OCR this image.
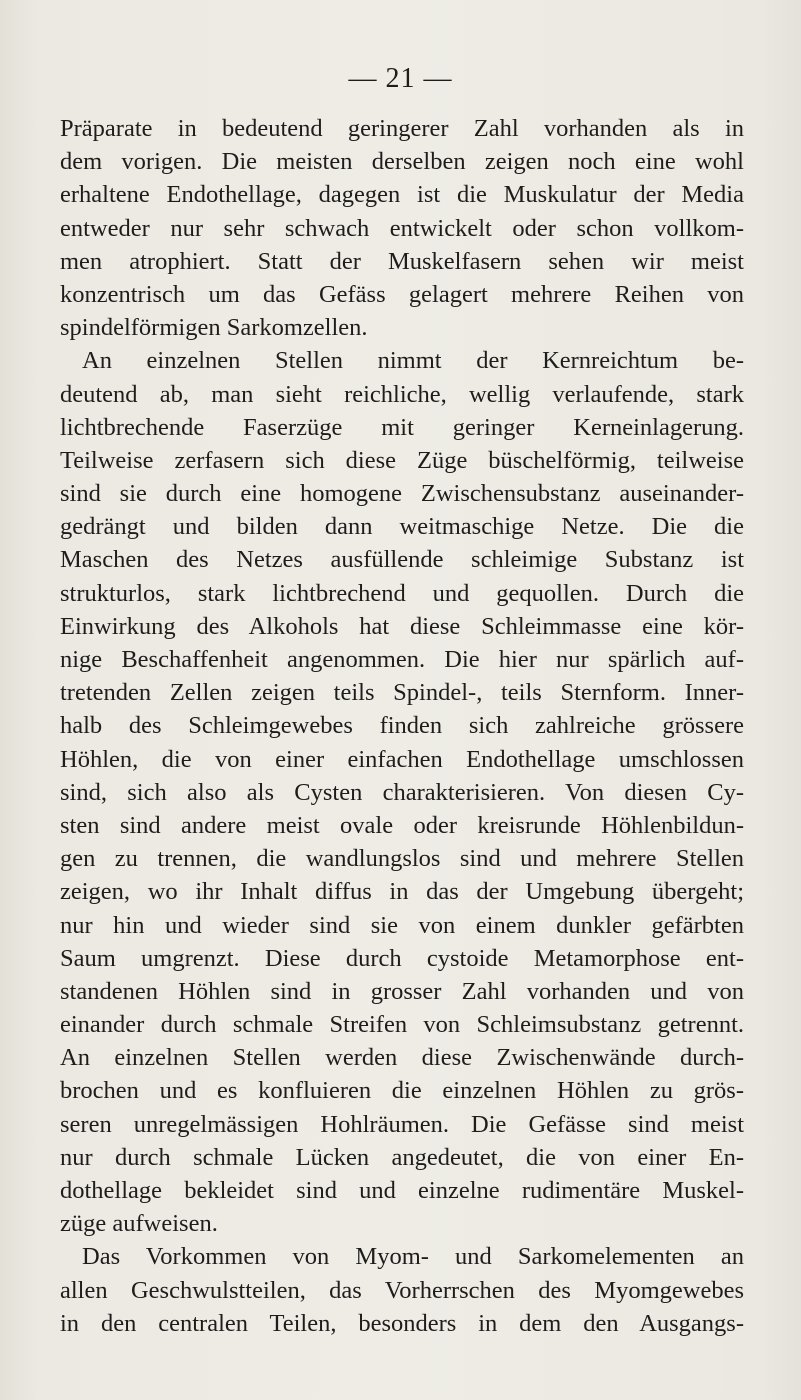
— 21 —
Präparate in bedeutend geringerer Zahl vorhanden als in
dem vorigen. Die meisten derselben zeigen noch eine wohl
erhaltene Endothellage, dagegen ist die Muskulatur der Media
entweder nur sehr schwach entwickelt oder schon vollkom-
men atrophiert. Statt der Muskelfasern sehen wir meist
konzentrisch um das Gefäss gelagert mehrere Reihen von
spindelförmigen Sarkomzellen.
An einzelnen Stellen nimmt der Kernreichtum be-
deutend ab, man sieht reichliche, wellig verlaufende, stark
lichtbrechende Faserzüge mit geringer Kerneinlagerung.
Teilweise zerfasern sich diese Züge büschelförmig, teilweise
sind sie durch eine homogene Zwischensubstanz auseinander-
gedrängt und bilden dann weitmaschige Netze. Die die
Maschen des Netzes ausfüllende schleimige Substanz ist
strukturlos, stark lichtbrechend und gequollen. Durch die
Einwirkung des Alkohols hat diese Schleimmasse eine kör-
nige Beschaffenheit angenommen. Die hier nur spärlich auf-
tretenden Zellen zeigen teils Spindel-, teils Sternform. Inner-
halb des Schleimgewebes finden sich zahlreiche grössere
Höhlen, die von einer einfachen Endothellage umschlossen
sind, sich also als Cysten charakterisieren. Von diesen Cy-
sten sind andere meist ovale oder kreisrunde Höhlenbildun-
gen zu trennen, die wandlungslos sind und mehrere Stellen
zeigen, wo ihr Inhalt diffus in das der Umgebung übergeht;
nur hin und wieder sind sie von einem dunkler gefärbten
Saum umgrenzt. Diese durch cystoide Metamorphose ent-
standenen Höhlen sind in grosser Zahl vorhanden und von
einander durch schmale Streifen von Schleimsubstanz getrennt.
An einzelnen Stellen werden diese Zwischenwände durch-
brochen und es konfluieren die einzelnen Höhlen zu grös-
seren unregelmässigen Hohlräumen. Die Gefässe sind meist
nur durch schmale Lücken angedeutet, die von einer En-
dothellage bekleidet sind und einzelne rudimentäre Muskel-
züge aufweisen.
Das Vorkommen von Myom- und Sarkomelementen an
allen Geschwulstteilen, das Vorherrschen des Myomgewebes
in den centralen Teilen, besonders in dem den Ausgangs-
